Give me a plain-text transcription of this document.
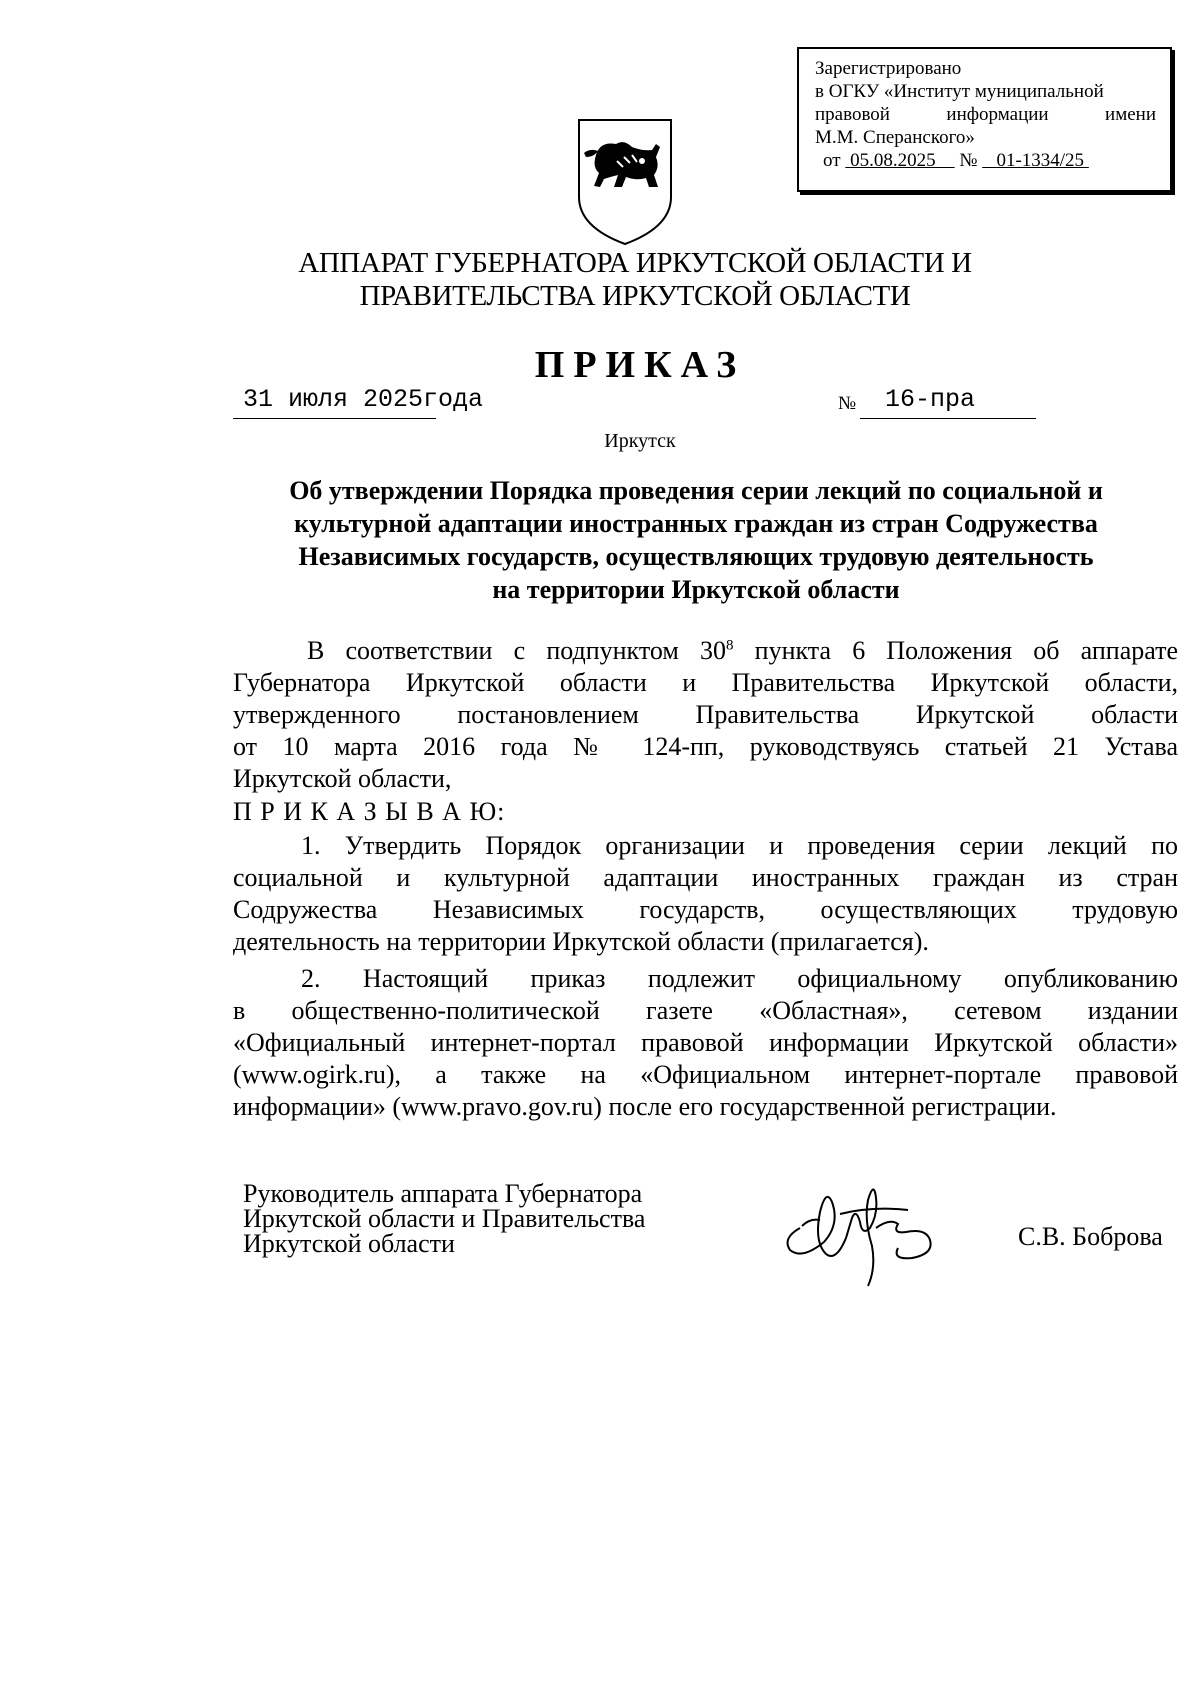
Зарегистрировано
в ОГКУ «Институт муниципальной
правовой информации имени
М.М. Сперанского»
от 05.08.2025 № 01-1334/25
АППАРАТ ГУБЕРНАТОРА ИРКУТСКОЙ ОБЛАСТИ И
ПРАВИТЕЛЬСТВА ИРКУТСКОЙ ОБЛАСТИ
ПРИКАЗ
31 июля 2025года	№ 16-пра
Иркутск
Об утверждении Порядка проведения серии лекций по социальной и
культурной адаптации иностранных граждан из стран Содружества
Независимых государств, осуществляющих трудовую деятельность
на территории Иркутской области
В соответствии с подпунктом $30^8$ пункта 6 Положения об аппарате
Губернатора Иркутской области и Правительства Иркутской области,
утвержденного постановлением Правительства Иркутской области
от 10 марта 2016 года № 124-пп, руководствуясь статьей 21 Устава
Иркутской области,
П Р И К А З Ы В А Ю:
1. Утвердить Порядок организации и проведения серии лекций по
социальной и культурной адаптации иностранных граждан из стран
Содружества Независимых государств, осуществляющих трудовую
деятельность на территории Иркутской области (прилагается).
2. Настоящий приказ подлежит официальному опубликованию
в общественно-политической газете «Областная», сетевом издании
«Официальный интернет-портал правовой информации Иркутской области»
(www.ogirk.ru), а также на «Официальном интернет-портале правовой
информации» (www.pravo.gov.ru) после его государственной регистрации.
Руководитель аппарата Губернатора
Иркутской области и Правительства
Иркутской области	С.В. Боброва
